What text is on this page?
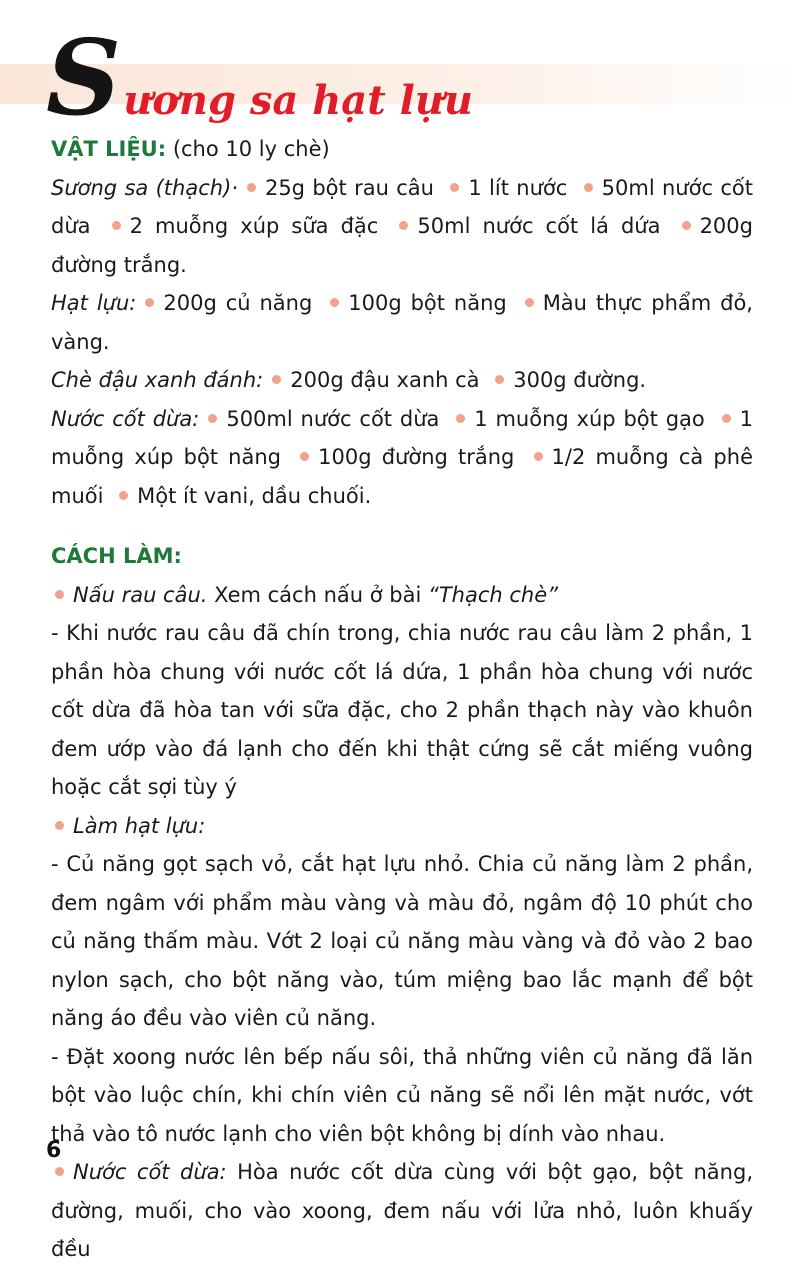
Sương sa hạt lựu

VẬT LIỆU: (cho 10 ly chè)

Sương sa (thạch)· 25g bột rau câu 1 lít nước 50ml nước cốt dừa 2 muỗng xúp sữa đặc 50ml nước cốt lá dứa 200g đường trắng.

Hạt lựu: 200g củ năng 100g bột năng Màu thực phẩm đỏ, vàng.

Chè đậu xanh đánh: 200g đậu xanh cà 300g đường.

Nước cốt dừa: 500ml nước cốt dừa 1 muỗng xúp bột gạo 1 muỗng xúp bột năng 100g đường trắng 1/2 muỗng cà phê muối Một ít vani, dầu chuối.

CÁCH LÀM:

Nấu rau câu. Xem cách nấu ở bài “Thạch chè”

- Khi nước rau câu đã chín trong, chia nước rau câu làm 2 phần, 1 phần hòa chung với nước cốt lá dứa, 1 phần hòa chung với nước cốt dừa đã hòa tan với sữa đặc, cho 2 phần thạch này vào khuôn đem ướp vào đá lạnh cho đến khi thật cứng sẽ cắt miếng vuông hoặc cắt sợi tùy ý

Làm hạt lựu:

- Củ năng gọt sạch vỏ, cắt hạt lựu nhỏ. Chia củ năng làm 2 phần, đem ngâm với phẩm màu vàng và màu đỏ, ngâm độ 10 phút cho củ năng thấm màu. Vớt 2 loại củ năng màu vàng và đỏ vào 2 bao nylon sạch, cho bột năng vào, túm miệng bao lắc mạnh để bột năng áo đều vào viên củ năng.

- Đặt xoong nước lên bếp nấu sôi, thả những viên củ năng đã lăn bột vào luộc chín, khi chín viên củ năng sẽ nổi lên mặt nước, vớt thả vào tô nước lạnh cho viên bột không bị dính vào nhau.

Nước cốt dừa: Hòa nước cốt dừa cùng với bột gạo, bột năng, đường, muối, cho vào xoong, đem nấu với lửa nhỏ, luôn khuấy đều

6
